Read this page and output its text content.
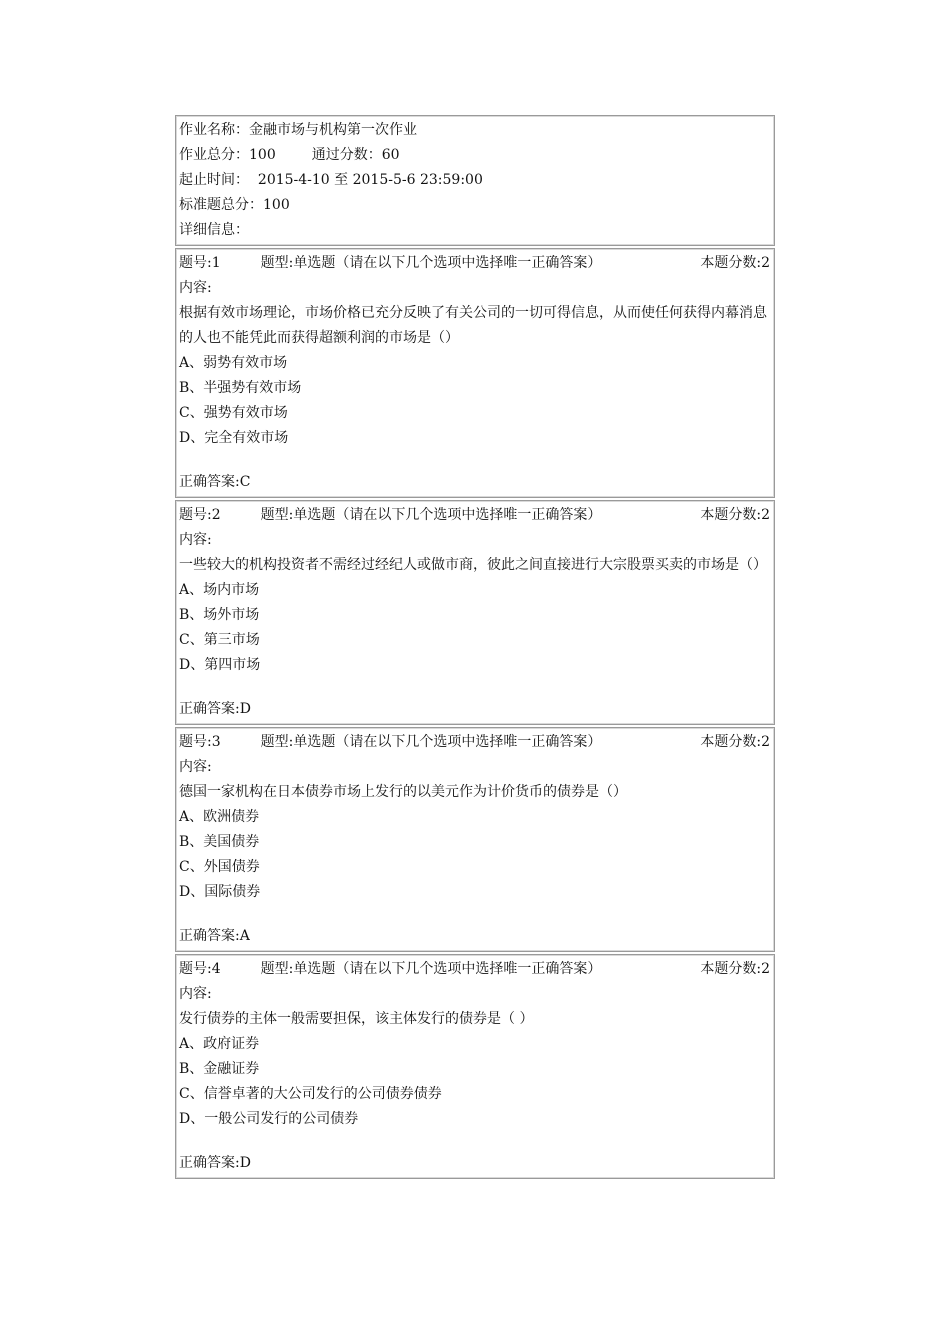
作业名称：金融市场与机构第一次作业
作业总分：100	通过分数：60
起止时间： 2015-4-10 至 2015-5-6 23:59:00
标准题总分：100
详细信息：
题号:1	题型:单选题（请在以下几个选项中选择唯一正确答案）	本题分数:2
内容:
根据有效市场理论，市场价格已充分反映了有关公司的一切可得信息，从而使任何获得内幕消息的人也不能凭此而获得超额利润的市场是（）
A、弱势有效市场
B、半强势有效市场
C、强势有效市场
D、完全有效市场
正确答案:C
题号:2	题型:单选题（请在以下几个选项中选择唯一正确答案）	本题分数:2
内容:
一些较大的机构投资者不需经过经纪人或做市商，彼此之间直接进行大宗股票买卖的市场是（）
A、场内市场
B、场外市场
C、第三市场
D、第四市场
正确答案:D
题号:3	题型:单选题（请在以下几个选项中选择唯一正确答案）	本题分数:2
内容:
德国一家机构在日本债券市场上发行的以美元作为计价货币的债券是（）
A、欧洲债券
B、美国债券
C、外国债券
D、国际债券
正确答案:A
题号:4	题型:单选题（请在以下几个选项中选择唯一正确答案）	本题分数:2
内容:
发行债券的主体一般需要担保，该主体发行的债券是（ ）
A、政府证券
B、金融证券
C、信誉卓著的大公司发行的公司债券债券
D、一般公司发行的公司债券
正确答案:D
